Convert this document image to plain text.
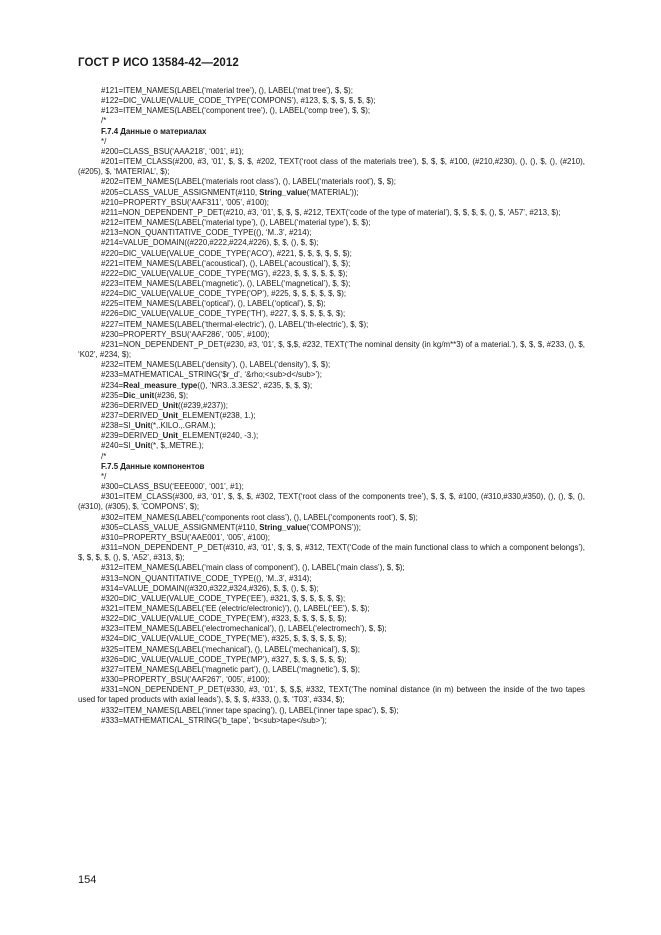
ГОСТ Р ИСО 13584-42—2012
#121=ITEM_NAMES(LABEL(‘material tree’), (), LABEL(‘mat tree’), $, $);
#122=DIC_VALUE(VALUE_CODE_TYPE(‘COMPONS’), #123, $, $, $, $, $, $);
#123=ITEM_NAMES(LABEL(‘component tree’), (), LABEL(‘comp tree’), $, $);
/*
F.7.4 Данные о материалах
*/
#200=CLASS_BSU(‘AAA218’, ‘001’, #1);
#201=ITEM_CLASS(#200, #3, ‘01’, $, $, $, #202, TEXT(‘root class of the materials tree’), $, $, $, #100, (#210,#230), (), (), $, (), (#210), (#205), $, ‘MATERIAL’, $);
#202=ITEM_NAMES(LABEL(‘materials root class’), (), LABEL(‘materials root’), $, $);
#205=CLASS_VALUE_ASSIGNMENT(#110, String_value(‘MATERIAL’));
#210=PROPERTY_BSU(‘AAF311’, ‘005’, #100);
#211=NON_DEPENDENT_P_DET(#210, #3, ‘01’, $, $, $, #212, TEXT(‘code of the type of material’), $, $, $, $, (), $, ‘A57’, #213, $);
#212=ITEM_NAMES(LABEL(‘material type’), (), LABEL(‘material type’), $, $);
#213=NON_QUANTITATIVE_CODE_TYPE((), ‘M..3’, #214);
#214=VALUE_DOMAIN((#220,#222,#224,#226), $, $, (), $, $);
#220=DIC_VALUE(VALUE_CODE_TYPE(‘ACO’), #221, $, $, $, $, $, $);
#221=ITEM_NAMES(LABEL(‘acoustical’), (), LABEL(‘acoustical’), $, $);
#222=DIC_VALUE(VALUE_CODE_TYPE(‘MG’), #223, $, $, $, $, $, $);
#223=ITEM_NAMES(LABEL(‘magnetic’), (), LABEL(‘magnetical’), $, $);
#224=DIC_VALUE(VALUE_CODE_TYPE(‘OP’), #225, $, $, $, $, $, $);
#225=ITEM_NAMES(LABEL(‘optical’), (), LABEL(‘optical’), $, $);
#226=DIC_VALUE(VALUE_CODE_TYPE(‘TH’), #227, $, $, $, $, $, $);
#227=ITEM_NAMES(LABEL(‘thermal-electric’), (), LABEL(‘th-electric’), $, $);
#230=PROPERTY_BSU(‘AAF286’, ‘005’, #100);
#231=NON_DEPENDENT_P_DET(#230, #3, ‘01’, $, $,$, #232, TEXT(‘The nominal density (in kg/m**3) of a material.’), $, $, $, #233, (), $, ‘K02’, #234, $);
#232=ITEM_NAMES(LABEL(‘density’), (), LABEL(‘density’), $, $);
#233=MATHEMATICAL_STRING(‘$r_d’, ‘&rho;<sub>d</sub>’);
#234=Real_measure_type((), ‘NR3..3.3ES2’, #235, $, $, $);
#235=Dic_unit(#236, $);
#236=DERIVED_Unit((#239,#237));
#237=DERIVED_Unit_ELEMENT(#238, 1.);
#238=SI_Unit(*,.KILO.,.GRAM.);
#239=DERIVED_Unit_ELEMENT(#240, -3.);
#240=SI_Unit(*, $,.METRE.);
/*
F.7.5 Данные компонентов
*/
#300=CLASS_BSU(‘EEE000’, ‘001’, #1);
#301=ITEM_CLASS(#300, #3, ‘01’, $, $, $, #302, TEXT(‘root class of the components tree’), $, $, $, #100, (#310,#330,#350), (), (), $, (), (#310), (#305), $, ‘COMPONS’, $);
#302=ITEM_NAMES(LABEL(‘components root class’), (), LABEL(‘components root’), $, $);
#305=CLASS_VALUE_ASSIGNMENT(#110, String_value(‘COMPONS’));
#310=PROPERTY_BSU(‘AAE001’, ‘005’, #100);
#311=NON_DEPENDENT_P_DET(#310, #3, ‘01’, $, $, $, #312, TEXT(‘Code of the main functional class to which a component belongs’), $, $, $, $, (), $, ‘A52’, #313, $);
#312=ITEM_NAMES(LABEL(‘main class of component’), (), LABEL(‘main class’), $, $);
#313=NON_QUANTITATIVE_CODE_TYPE((), ‘M..3’, #314);
#314=VALUE_DOMAIN((#320,#322,#324,#326), $, $, (), $, $);
#320=DIC_VALUE(VALUE_CODE_TYPE(‘EE’), #321, $, $, $, $, $, $);
#321=ITEM_NAMES(LABEL(‘EE (electric/electronic)’), (), LABEL(‘EE’), $, $);
#322=DIC_VALUE(VALUE_CODE_TYPE(‘EM’), #323, $, $, $, $, $, $);
#323=ITEM_NAMES(LABEL(‘electromechanical’), (), LABEL(‘electromech’), $, $);
#324=DIC_VALUE(VALUE_CODE_TYPE(‘ME’), #325, $, $, $, $, $, $);
#325=ITEM_NAMES(LABEL(‘mechanical’), (), LABEL(‘mechanical’), $, $);
#326=DIC_VALUE(VALUE_CODE_TYPE(‘MP’), #327, $, $, $, $, $, $);
#327=ITEM_NAMES(LABEL(‘magnetic part’), (), LABEL(‘magnetic’), $, $);
#330=PROPERTY_BSU(‘AAF267’, ‘005’, #100);
#331=NON_DEPENDENT_P_DET(#330, #3, ‘01’, $, $,$, #332, TEXT(‘The nominal distance (in m) between the inside of the two tapes used for taped products with axial leads’), $, $, $, #333, (), $, ‘T03’, #334, $);
#332=ITEM_NAMES(LABEL(‘inner tape spacing’), (), LABEL(‘inner tape spac’), $, $);
#333=MATHEMATICAL_STRING(‘b_tape’, ‘b<sub>tape</sub>’);
154
